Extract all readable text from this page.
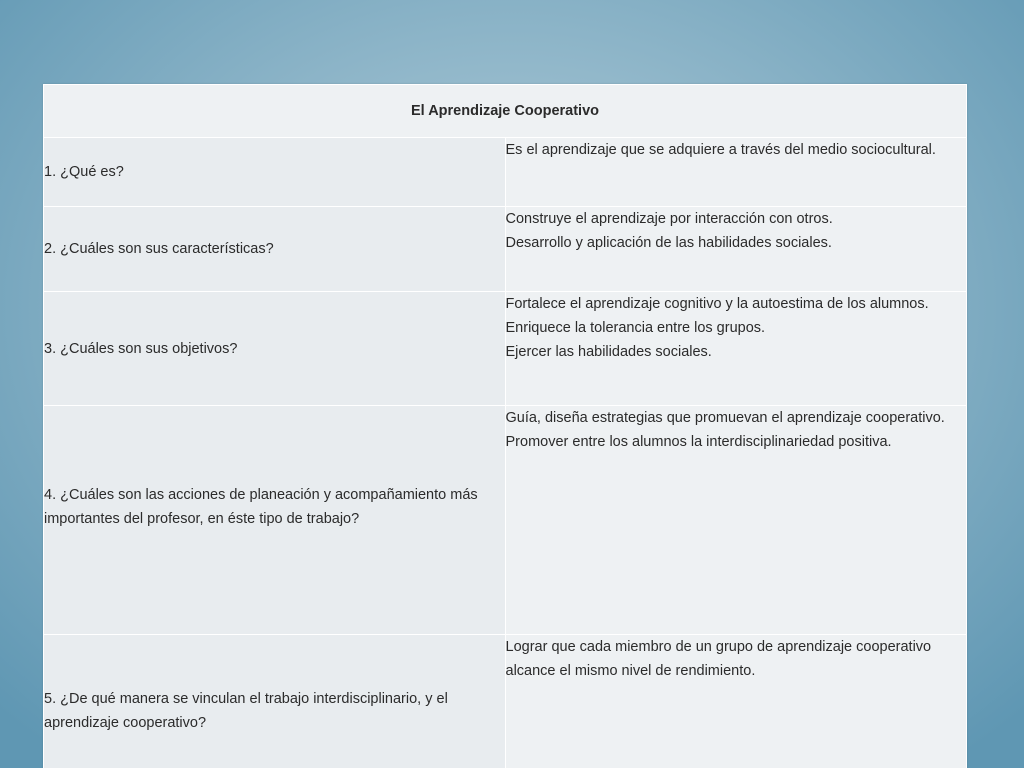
El Aprendizaje Cooperativo	
1. ¿Qué es?	Es el aprendizaje que se adquiere a través del medio sociocultural.

2. ¿Cuáles son sus características?	Construye el aprendizaje por interacción con otros.
Desarrollo y aplicación de las habilidades sociales.

3. ¿Cuáles son sus objetivos?	Fortalece el aprendizaje cognitivo y la autoestima de los alumnos.
Enriquece la tolerancia entre los grupos.
Ejercer las habilidades sociales.

4. ¿Cuáles son las acciones de planeación y acompañamiento más importantes del profesor, en éste tipo de trabajo?	Guía, diseña estrategias que promuevan el aprendizaje cooperativo.
Promover entre los alumnos la interdisciplinariedad positiva.

5. ¿De qué manera se vinculan el trabajo interdisciplinario, y el aprendizaje cooperativo?	Lograr que cada miembro de un grupo de aprendizaje cooperativo alcance el mismo nivel de rendimiento.
